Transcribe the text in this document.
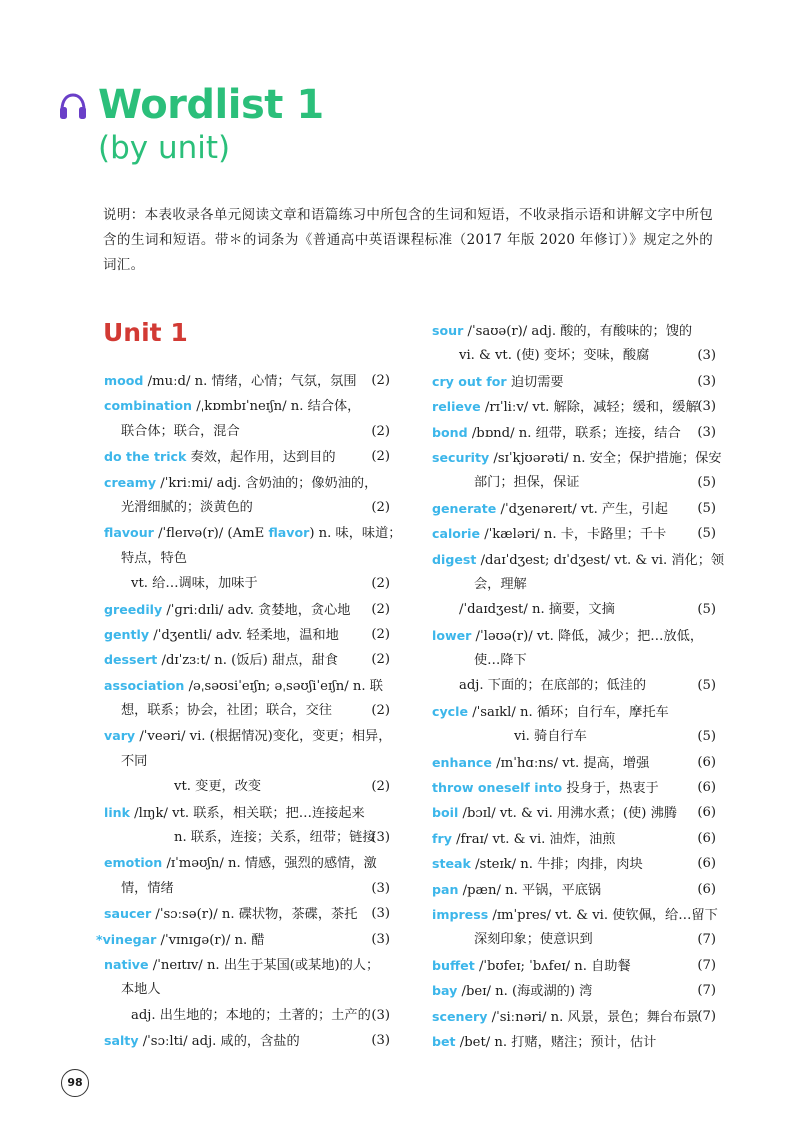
Wordlist 1
(by unit)
说明：本表收录各单元阅读文章和语篇练习中所包含的生词和短语，不收录指示语和讲解文字中所包含的生词和短语。带＊的词条为《普通高中英语课程标准（2017 年版 2020 年修订）》规定之外的词汇。
Unit 1
mood /muːd/ n. 情绪，心情；气氛，氛围 (2)
combination /ˌkɒmbɪˈneɪʃn/ n. 结合体，
联合体；联合，混合	(2)
do the trick 奏效，起作用，达到目的	(2)
creamy /ˈkriːmi/ adj. 含奶油的；像奶油的，
光滑细腻的；淡黄色的	(2)
flavour /ˈfleɪvə(r)/ (AmE flavor) n. 味，味道；
特点，特色
vt. 给…调味，加味于	(2)
greedily /ˈɡriːdɪli/ adv. 贪婪地，贪心地 (2)
gently /ˈdʒentli/ adv. 轻柔地，温和地 (2)
dessert /dɪˈzɜːt/ n. (饭后) 甜点，甜食	(2)
association /əˌsəʊsiˈeɪʃn; əˌsəʊʃiˈeɪʃn/ n. 联
想，联系；协会，社团；联合，交往	(2)
vary /ˈveəri/ vi. (根据情况)变化，变更；相异，
不同
vt. 变更，改变	(2)
link /lɪŋk/ vt. 联系，相关联；把…连接起来
n. 联系，连接；关系，纽带；链接
(3)
emotion /ɪˈməʊʃn/ n. 情感，强烈的感情，激
情，情绪	(3)
saucer /ˈsɔːsə(r)/ n. 碟状物，茶碟，茶托 (3)
*vinegar /ˈvɪnɪɡə(r)/ n. 醋	(3)
native /ˈneɪtɪv/ n. 出生于某国(或某地)的人；
本地人
adj. 出生地的；本地的；土著的；土产的 (3)
salty /ˈsɔːlti/ adj. 咸的，含盐的	(3)
sour /ˈsaʊə(r)/ adj. 酸的，有酸味的；馊的
vi. & vt. (使) 变坏；变味，酸腐	(3)
cry out for 迫切需要	(3)
relieve /rɪˈliːv/ vt. 解除，减轻；缓和，缓解
(3)
bond /bɒnd/ n. 纽带，联系；连接，结合 (3)
security /sɪˈkjʊərəti/ n. 安全；保护措施；保安
部门；担保，保证	(5)
generate /ˈdʒenəreɪt/ vt. 产生，引起 (5)
calorie /ˈkæləri/ n. 卡，卡路里；千卡 (5)
digest /daɪˈdʒest; dɪˈdʒest/ vt. & vi. 消化；领
会，理解
/ˈdaɪdʒest/ n. 摘要，文摘	(5)
lower /ˈləʊə(r)/ vt. 降低，减少；把…放低，
使…降下
adj. 下面的；在底部的；低洼的	(5)
cycle /ˈsaɪkl/ n. 循环；自行车，摩托车
vi. 骑自行车	(5)
enhance /ɪnˈhɑːns/ vt. 提高，增强	(6)
throw oneself into 投身于，热衷于	(6)
boil /bɔɪl/ vt. & vi. 用沸水煮；(使) 沸腾 (6)
fry /fraɪ/ vt. & vi. 油炸，油煎	(6)
steak /steɪk/ n. 牛排；肉排，肉块	(6)
pan /pæn/ n. 平锅，平底锅	(6)
impress /ɪmˈpres/ vt. & vi. 使钦佩，给…留下
深刻印象；使意识到	(7)
buffet /ˈbʊfeɪ; ˈbʌfeɪ/ n. 自助餐	(7)
bay /beɪ/ n. (海或湖的) 湾	(7)
scenery /ˈsiːnəri/ n. 风景，景色；舞台布景
(7)
bet /bet/ n. 打赌，赌注；预计，估计
98
